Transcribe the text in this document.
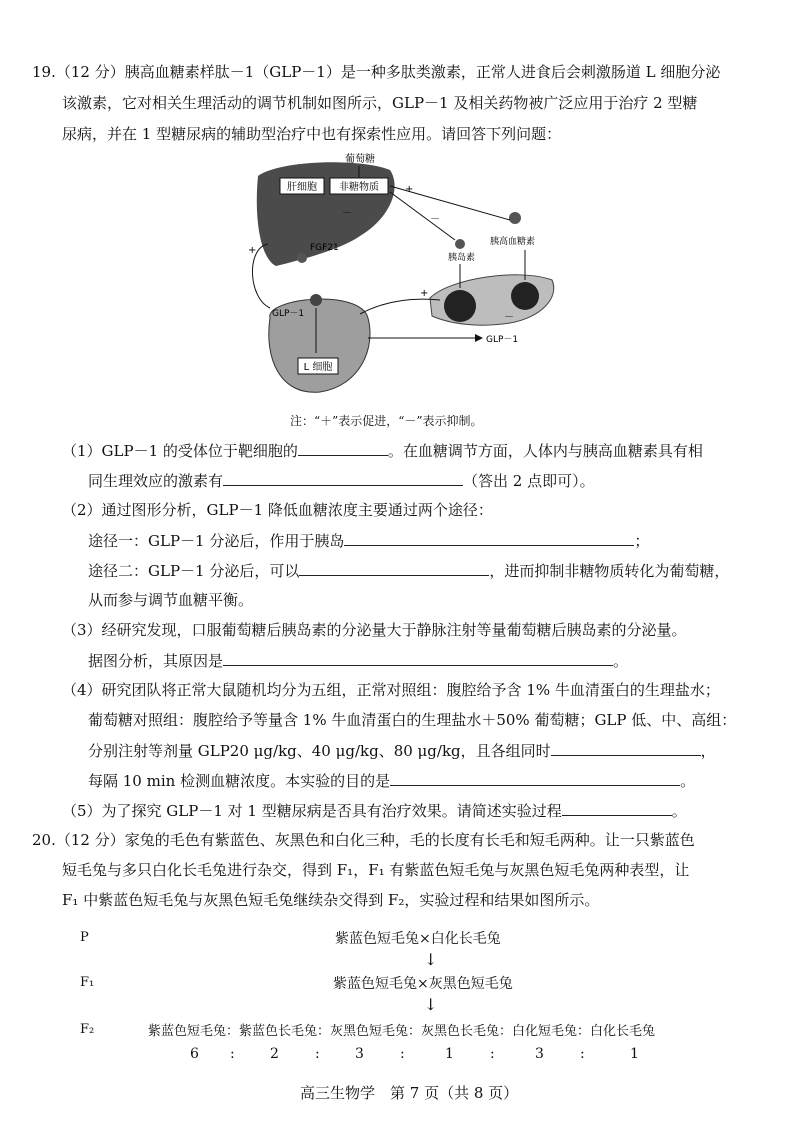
19.（12 分）胰高血糖素样肽－1（GLP－1）是一种多肽类激素，正常人进食后会刺激肠道 L 细胞分泌
该激素，它对相关生理活动的调节机制如图所示，GLP－1 及相关药物被广泛应用于治疗 2 型糖
尿病，并在 1 型糖尿病的辅助型治疗中也有探索性应用。请回答下列问题：
肝细胞 非糖物质
葡萄糖
FGF21
胰岛素
胰高血糖素
+
－
－
L 细胞
GLP－1
+
+
GLP－1
－
注：“＋”表示促进，“－”表示抑制。
（1）GLP－1 的受体位于靶细胞的	。在血糖调节方面，人体内与胰高血糖素具有相
同生理效应的激素有	（答出 2 点即可）。
（2）通过图形分析，GLP－1 降低血糖浓度主要通过两个途径：
途径一：GLP－1 分泌后，作用于胰岛	；
途径二：GLP－1 分泌后，可以	，进而抑制非糖物质转化为葡萄糖，
从而参与调节血糖平衡。
（3）经研究发现，口服葡萄糖后胰岛素的分泌量大于静脉注射等量葡萄糖后胰岛素的分泌量。
据图分析，其原因是	。
（4）研究团队将正常大鼠随机均分为五组，正常对照组：腹腔给予含 1% 牛血清蛋白的生理盐水；
葡萄糖对照组：腹腔给予等量含 1% 牛血清蛋白的生理盐水＋50% 葡萄糖；GLP 低、中、高组：
分别注射等剂量 GLP20 μg/kg、40 μg/kg、80 μg/kg，且各组同时	，
每隔 10 min 检测血糖浓度。本实验的目的是	。
（5）为了探究 GLP－1 对 1 型糖尿病是否具有治疗效果。请简述实验过程	。
20.（12 分）家兔的毛色有紫蓝色、灰黑色和白化三种，毛的长度有长毛和短毛两种。让一只紫蓝色
短毛兔与多只白化长毛兔进行杂交，得到 F₁，F₁ 有紫蓝色短毛兔与灰黑色短毛兔两种表型，让
F₁ 中紫蓝色短毛兔与灰黑色短毛兔继续杂交得到 F₂，实验过程和结果如图所示。
P	紫蓝色短毛兔×白化长毛兔
↓
F₁	紫蓝色短毛兔×灰黑色短毛兔
↓
F₂	紫蓝色短毛兔：紫蓝色长毛兔：灰黑色短毛兔：灰黑色长毛兔：白化短毛兔：白化长毛兔
6 :	2	:	3	:	1	:	3	:	1
高三生物学　第 7 页（共 8 页）
